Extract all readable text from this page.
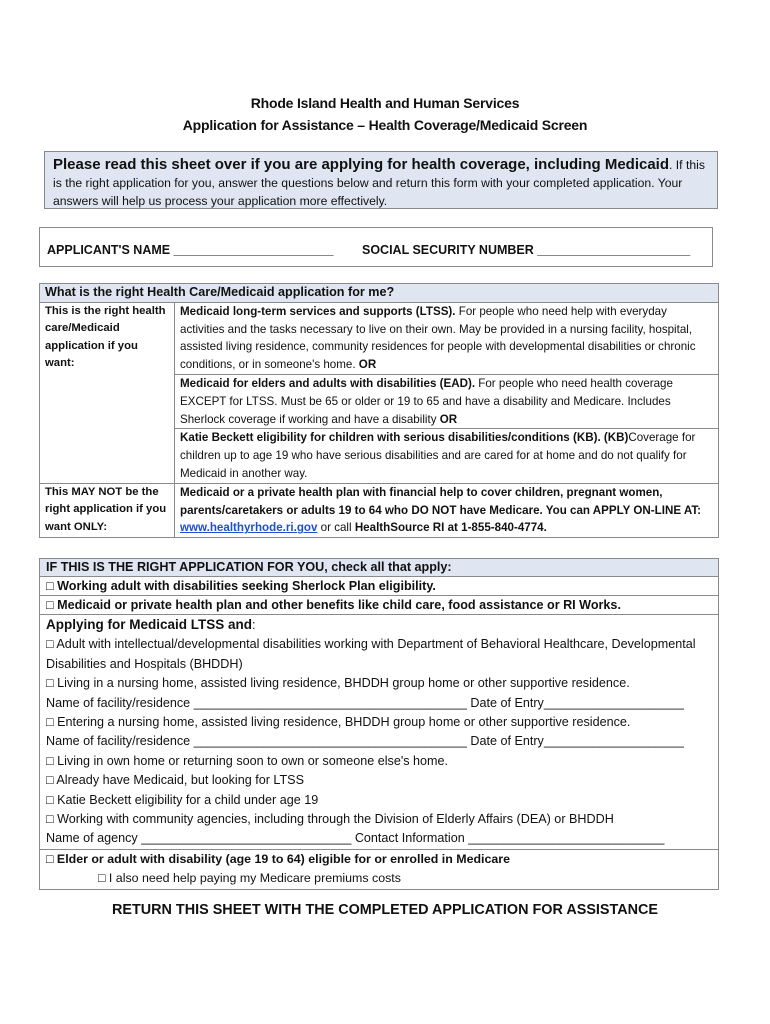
Rhode Island Health and Human Services
Application for Assistance – Health Coverage/Medicaid Screen
Please read this sheet over if you are applying for health coverage, including Medicaid. If this is the right application for you, answer the questions below and return this form with your completed application. Your answers will help us process your application more effectively.
APPLICANT'S NAME _______________________ SOCIAL SECURITY NUMBER ______________________
What is the right Health Care/Medicaid application for me?	
This is the right health care/Medicaid application if you want:	Medicaid long-term services and supports (LTSS). For people who need help with everyday activities and the tasks necessary to live on their own. May be provided in a nursing facility, hospital, assisted living residence, community residences for people with developmental disabilities or chronic conditions, or in someone's home. OR
	Medicaid for elders and adults with disabilities (EAD). For people who need health coverage EXCEPT for LTSS. Must be 65 or older or 19 to 65 and have a disability and Medicare. Includes Sherlock coverage if working and have a disability OR
	Katie Beckett eligibility for children with serious disabilities/conditions (KB). (KB)Coverage for children up to age 19 who have serious disabilities and are cared for at home and do not qualify for Medicaid in another way.
This MAY NOT be the right application if you want ONLY:	Medicaid or a private health plan with financial help to cover children, pregnant women, parents/caretakers or adults 19 to 64 who DO NOT have Medicare. You can APPLY ON-LINE AT: www.healthyrhode.ri.gov or call HealthSource RI at 1-855-840-4774.
IF THIS IS THE RIGHT APPLICATION FOR YOU, check all that apply:
□ Working adult with disabilities seeking Sherlock Plan eligibility.
□ Medicaid or private health plan and other benefits like child care, food assistance or RI Works.

Applying for Medicaid LTSS and:
□ Adult with intellectual/developmental disabilities working with Department of Behavioral Healthcare, Developmental Disabilities and Hospitals (BHDDH)
□ Living in a nursing home, assisted living residence, BHDDH group home or other supportive residence.
Name of facility/residence _______________________________________ Date of Entry____________________
□ Entering a nursing home, assisted living residence, BHDDH group home or other supportive residence.
Name of facility/residence _______________________________________ Date of Entry____________________
□ Living in own home or returning soon to own or someone else's home.
□ Already have Medicaid, but looking for LTSS
□ Katie Beckett eligibility for a child under age 19
□ Working with community agencies, including through the Division of Elderly Affairs (DEA) or BHDDH
Name of agency ______________________________ Contact Information ____________________________

□ Elder or adult with disability (age 19 to 64) eligible for or enrolled in Medicare
□ I also need help paying my Medicare premiums costs
RETURN THIS SHEET WITH THE COMPLETED APPLICATION FOR ASSISTANCE
